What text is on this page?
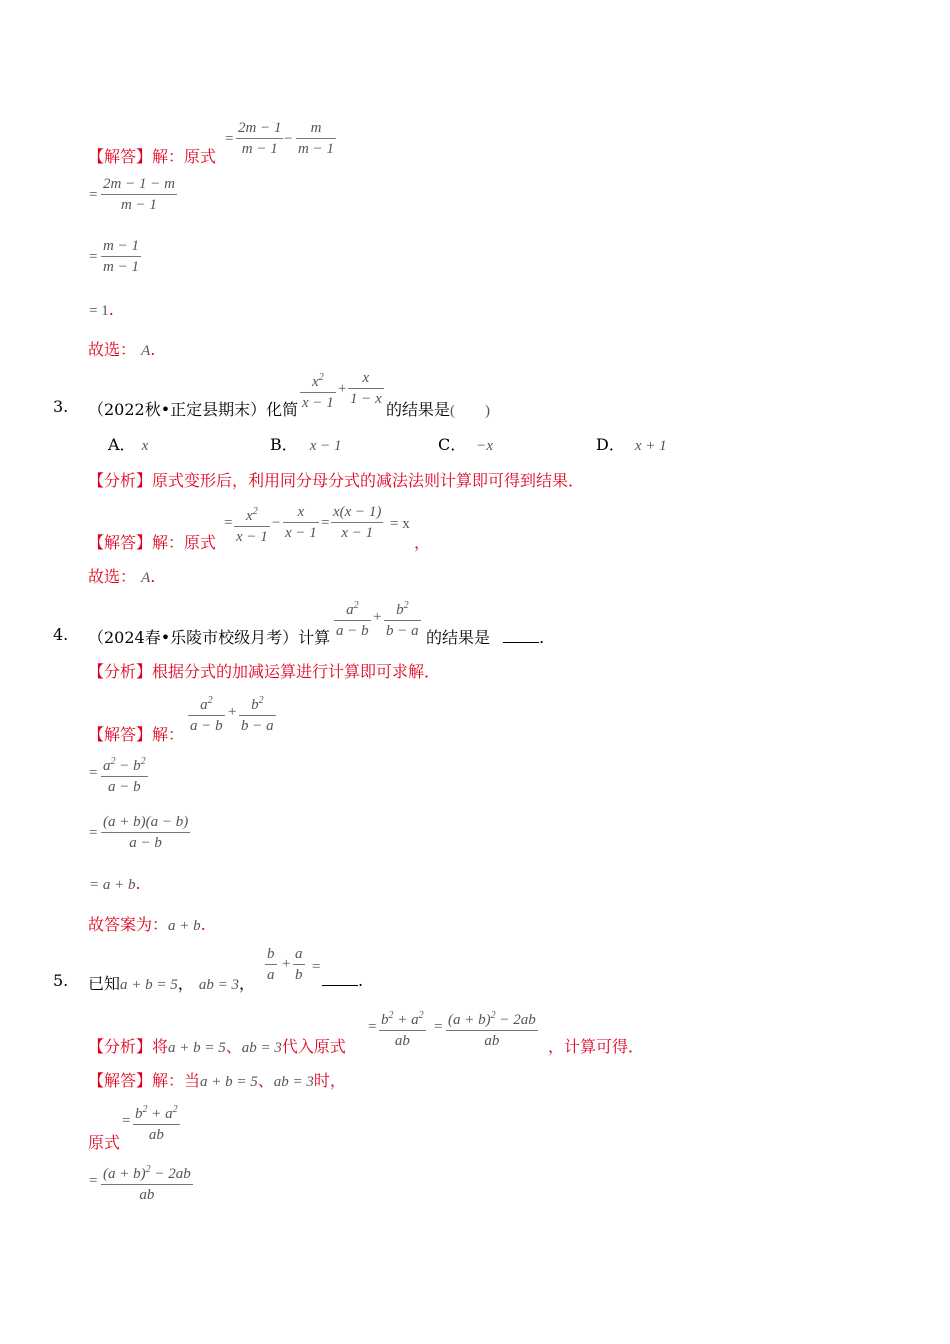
【解答】解：原式
=
2m − 1
m − 1
−
m
m − 1
=
2m − 1 − m
m − 1
=
m − 1
m − 1
= 1.
故选： A.
3. （2022秋•正定县期末）化简
$x^2$
x − 1
+
x
1 − x
的结果是(　　)
A． x	B． x − 1	C． −x	D． x + 1
【分析】原式变形后，利用同分母分式的减法法则计算即可得到结果．
【解答】解：原式
= $x^2$
x − 1
−
x
x − 1
=
x(x − 1)
x − 1
= x
，
故选： A.
4. （2024春•乐陵市校级月考）计算
$a^2$
a − b
+ $b^2$
b − a 的结果是	.
【分析】根据分式的加减运算进行计算即可求解．
【解答】解：
$a^2$
a − b
+ $b^2$
b − a
= $a^2 - b^2$
a − b
=
(a + b)(a − b)
a − b
= a + b.
故答案为：a + b.
5. 已知a + b = 5， ab = 3，
b
a
+
a
b =
.
【分析】将a + b = 5、ab = 3代入原式
= $b^2 + a^2$
ab
= $(a + b)^2 - 2ab$
ab	，计算可得．
【解答】解：当a + b = 5、ab = 3时，
原式
= $b^2 + a^2$
ab
= $(a + b)^2 - 2ab$
ab
